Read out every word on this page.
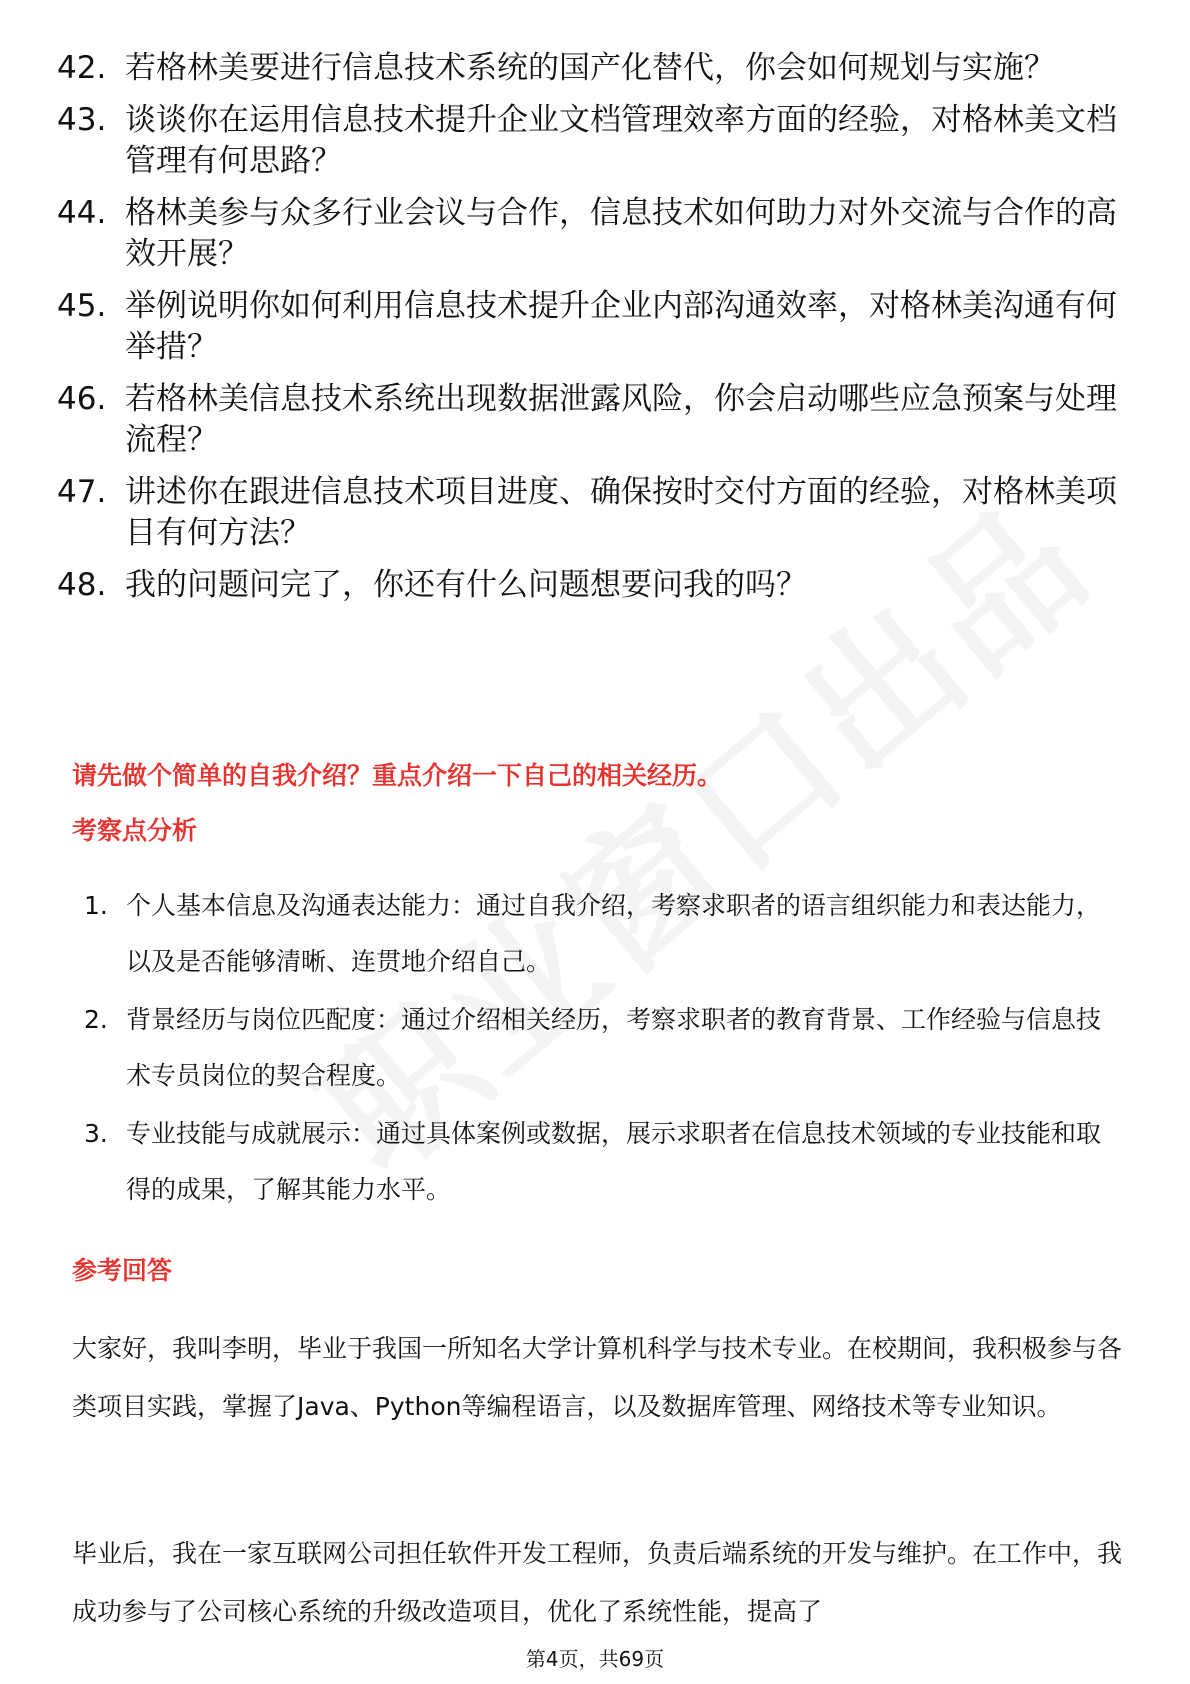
42. 若格林美要进行信息技术系统的国产化替代，你会如何规划与实施？
43. 谈谈你在运用信息技术提升企业文档管理效率方面的经验，对格林美文档管理有何思路？
44. 格林美参与众多行业会议与合作，信息技术如何助力对外交流与合作的高效开展？
45. 举例说明你如何利用信息技术提升企业内部沟通效率，对格林美沟通有何举措？
46. 若格林美信息技术系统出现数据泄露风险，你会启动哪些应急预案与处理流程？
47. 讲述你在跟进信息技术项目进度、确保按时交付方面的经验，对格林美项目有何方法？
48. 我的问题问完了，你还有什么问题想要问我的吗？
请先做个简单的自我介绍？重点介绍一下自己的相关经历。
考察点分析
1. 个人基本信息及沟通表达能力：通过自我介绍，考察求职者的语言组织能力和表达能力，以及是否能够清晰、连贯地介绍自己。
2. 背景经历与岗位匹配度：通过介绍相关经历，考察求职者的教育背景、工作经验与信息技术专员岗位的契合程度。
3. 专业技能与成就展示：通过具体案例或数据，展示求职者在信息技术领域的专业技能和取得的成果，了解其能力水平。
参考回答
大家好，我叫李明，毕业于我国一所知名大学计算机科学与技术专业。在校期间，我积极参与各类项目实践，掌握了Java、Python等编程语言，以及数据库管理、网络技术等专业知识。
毕业后，我在一家互联网公司担任软件开发工程师，负责后端系统的开发与维护。在工作中，我成功参与了公司核心系统的升级改造项目，优化了系统性能，提高了
第4页，共69页
